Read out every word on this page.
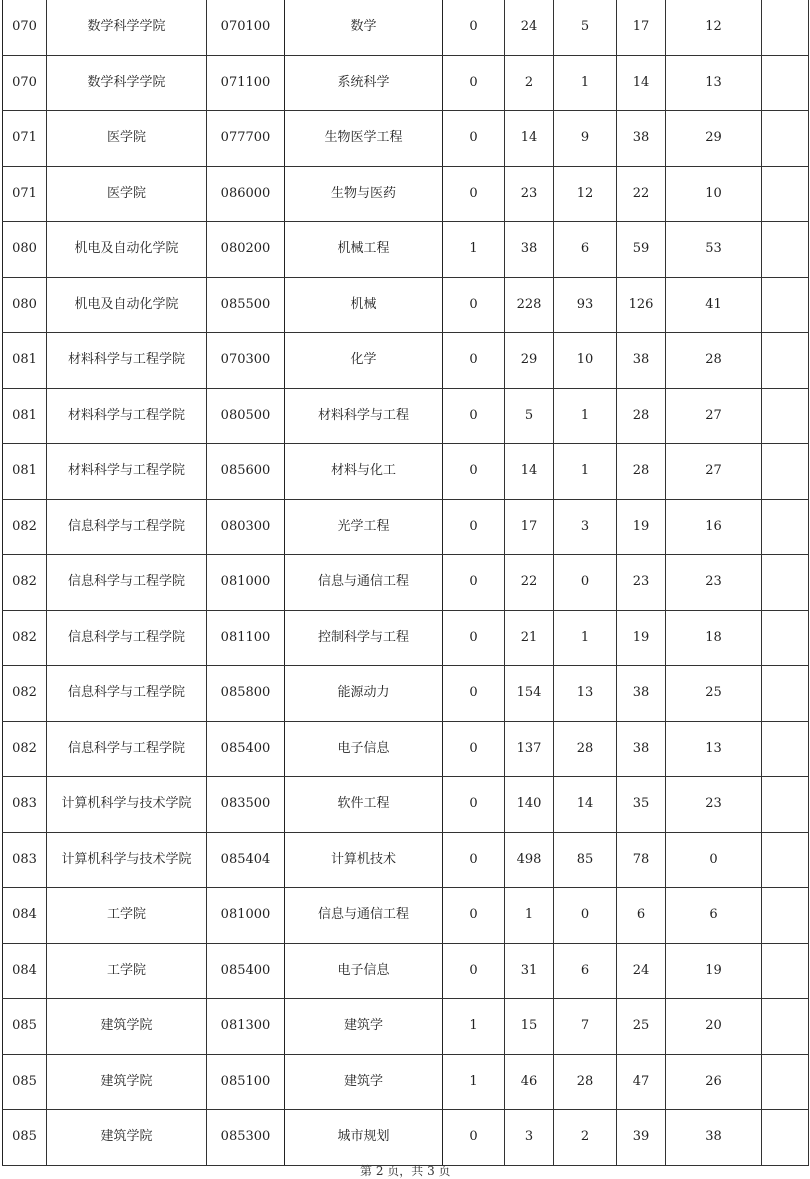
070	数学科学学院	070100	数学	0	24	5	17	12	
070	数学科学学院	071100	系统科学	0	2	1	14	13	
071	医学院	077700	生物医学工程	0	14	9	38	29	
071	医学院	086000	生物与医药	0	23	12	22	10	
080	机电及自动化学院	080200	机械工程	1	38	6	59	53	
080	机电及自动化学院	085500	机械	0	228	93	126	41	
081	材料科学与工程学院	070300	化学	0	29	10	38	28	
081	材料科学与工程学院	080500	材料科学与工程	0	5	1	28	27	
081	材料科学与工程学院	085600	材料与化工	0	14	1	28	27	
082	信息科学与工程学院	080300	光学工程	0	17	3	19	16	
082	信息科学与工程学院	081000	信息与通信工程	0	22	0	23	23	
082	信息科学与工程学院	081100	控制科学与工程	0	21	1	19	18	
082	信息科学与工程学院	085800	能源动力	0	154	13	38	25	
082	信息科学与工程学院	085400	电子信息	0	137	28	38	13	
083	计算机科学与技术学院	083500	软件工程	0	140	14	35	23	
083	计算机科学与技术学院	085404	计算机技术	0	498	85	78	0	
084	工学院	081000	信息与通信工程	0	1	0	6	6	
084	工学院	085400	电子信息	0	31	6	24	19	
085	建筑学院	081300	建筑学	1	15	7	25	20	
085	建筑学院	085100	建筑学	1	46	28	47	26	
085	建筑学院	085300	城市规划	0	3	2	39	38	
第 2 页，共 3 页
